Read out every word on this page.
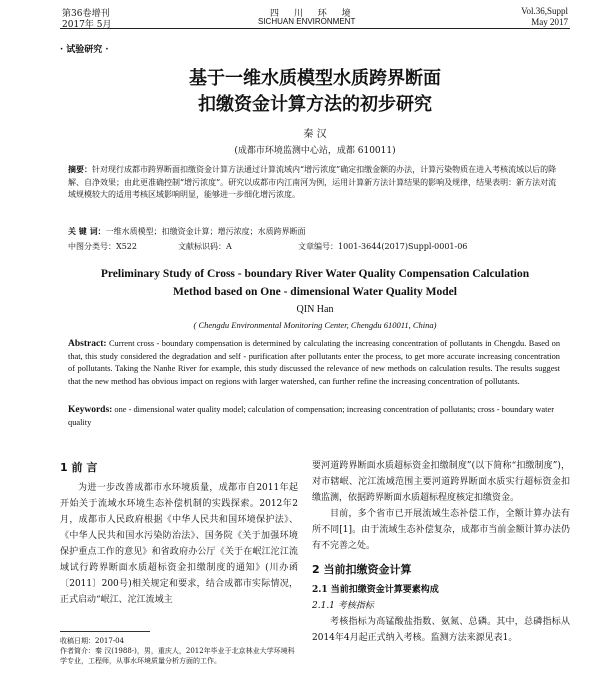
第36卷增刊
2017年 5月
四 川 环 境
SICHUAN ENVIRONMENT
Vol.36,Suppl
May 2017
· 试验研究 ·
基于一维水质模型水质跨界断面
扣缴资金计算方法的初步研究
秦 汉
(成都市环境监测中心站，成都 610011)
摘要：针对现行成都市跨界断面扣缴资金计算方法通过计算流域内“增污浓度”确定扣缴金额的办法，计算污染物质在进入考核流域以后的降解、自净效果；由此更准确控制“增污浓度”。研究以成都市内江南河为例，运用计算新方法计算结果的影响及规律，结果表明：新方法对流域规模较大的适用考核区域影响明显，能够进一步细化增污浓度。
关 键 词：一维水质模型；扣缴资金计算；增污浓度；水质跨界断面
中图分类号：X522	文献标识码：A	文章编号：1001-3644(2017)Suppl-0001-06
Preliminary Study of Cross - boundary River Water Quality Compensation Calculation
Method based on One - dimensional Water Quality Model
QIN Han
( Chengdu Environmental Monitoring Center, Chengdu 610011, China)
Abstract: Current cross - boundary compensation is determined by calculating the increasing concentration of pollutants in Chengdu. Based on that, this study considered the degradation and self - purification after pollutants enter the process, to get more accurate increasing concentration of pollutants. Taking the Nanhe River for example, this study discussed the relevance of new methods on calculation results. The results suggest that the new method has obvious impact on regions with larger watershed, can further refine the increasing concentration of pollutants.
Keywords: one - dimensional water quality model; calculation of compensation; increasing concentration of pollutants; cross - boundary water quality
1 前 言

为进一步改善成都市水环境质量，成都市自2011年起开始关于流域水环境生态补偿机制的实践探索。2012年2月，成都市人民政府根据《中华人民共和国环境保护法》、《中华人民共和国水污染防治法》、国务院《关于加强环境保护重点工作的意见》和省政府办公厅《关于在岷江沱江流域试行跨界断面水质超标资金扣缴制度的通知》(川办函〔2011〕200号)相关规定和要求，结合成都市实际情况，正式启动“岷江、沱江流域主

要河道跨界断面水质超标资金扣缴制度”(以下简称“扣缴制度”)，对市辖岷、沱江流域范围主要河道跨界断面水质实行超标资金扣缴监测，依据跨界断面水质超标程度核定扣缴资金。

目前，多个省市已开展流域生态补偿工作，全额计算办法有所不同[1]。由于流域生态补偿复杂，成都市当前金额计算办法仍有不完善之处。

2 当前扣缴资金计算
2.1 当前扣缴资金计算要素构成
2.1.1 考核指标

考核指标为高锰酸盐指数、氨氮、总磷。其中，总磷指标从2014年4月起正式纳入考核。监测方法来源见表1。

收稿日期：2017-04
作者简介：秦 汉(1988-)，男，重庆人，2012年毕业于北京林业大学环境科学专业，工程师，从事水环境质量分析方面的工作。
